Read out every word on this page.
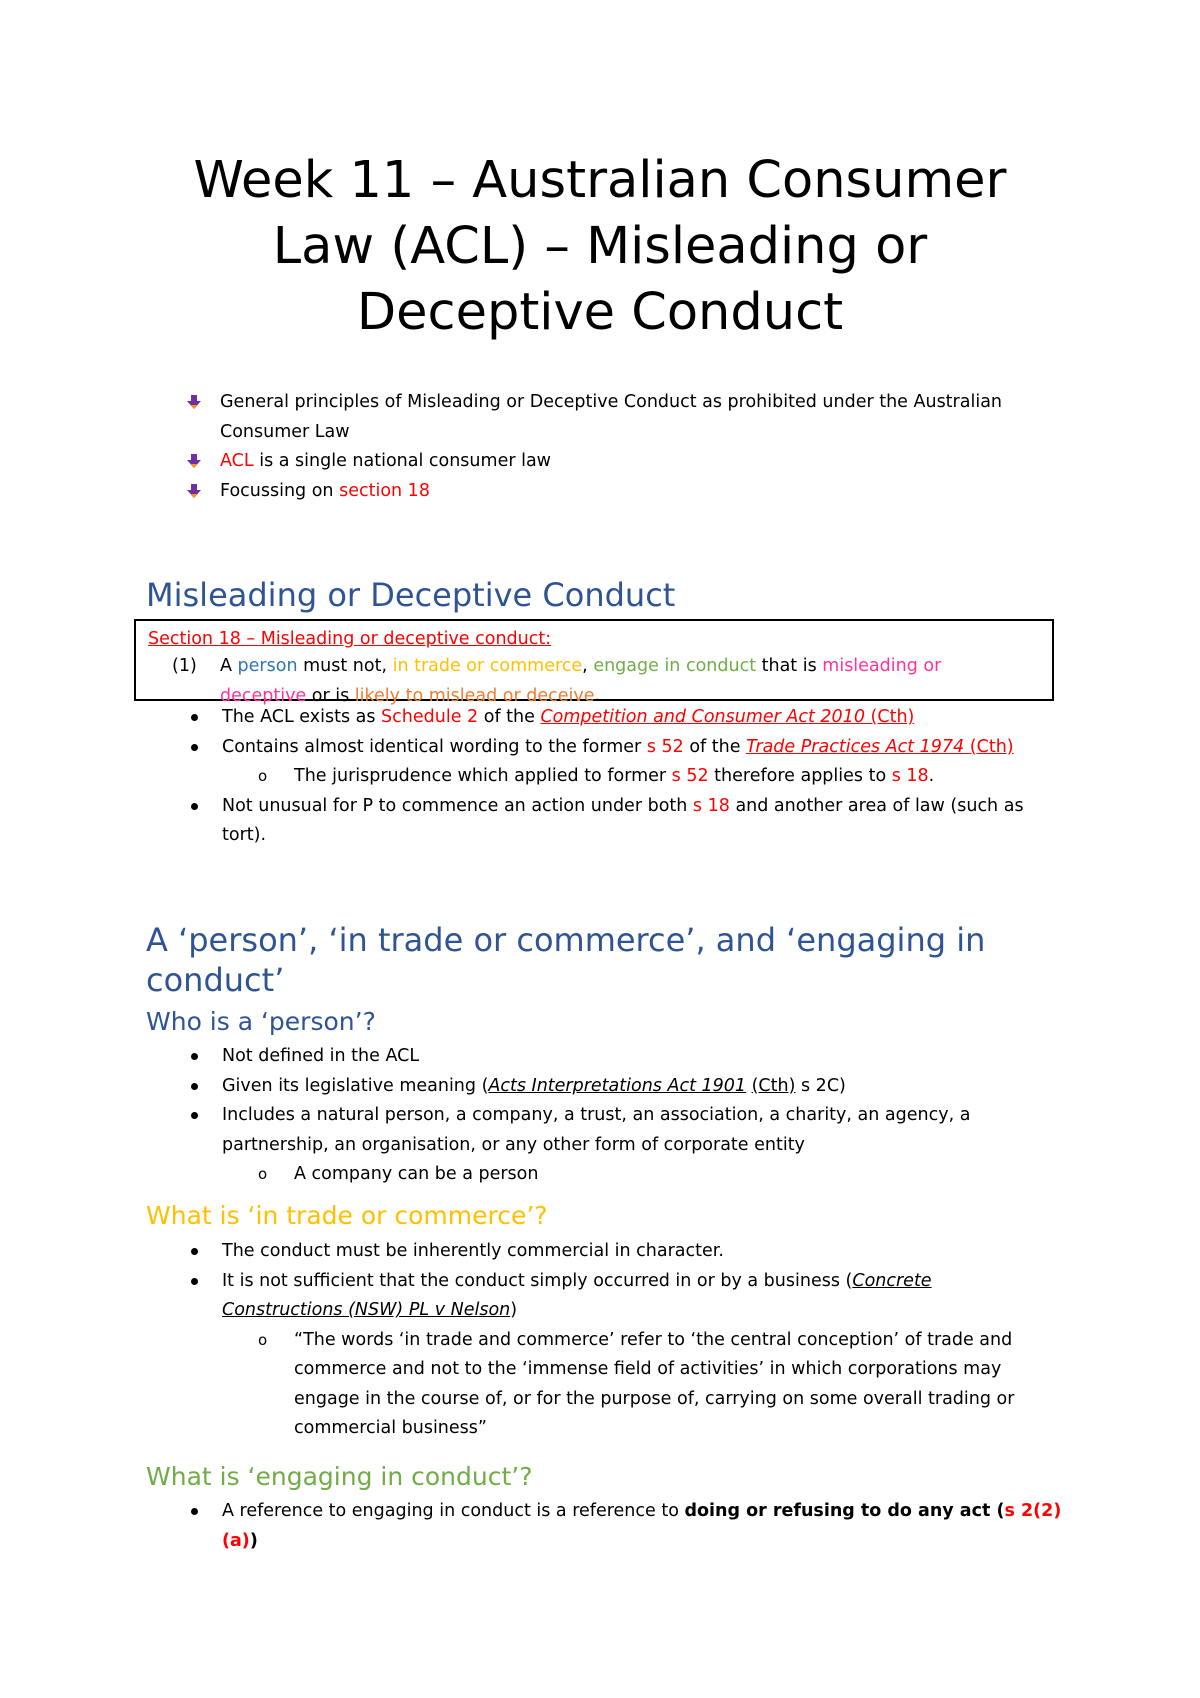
Week 11 – Australian Consumer
Law (ACL) – Misleading or
Deceptive Conduct
General principles of Misleading or Deceptive Conduct as prohibited under the Australian
Consumer Law
ACL is a single national consumer law
Focussing on section 18
Misleading or Deceptive Conduct
Section 18 – Misleading or deceptive conduct:
(1) A person must not, in trade or commerce, engage in conduct that is misleading or
deceptive or is likely to mislead or deceive.
The ACL exists as Schedule 2 of the Competition and Consumer Act 2010 (Cth)
Contains almost identical wording to the former s 52 of the Trade Practices Act 1974 (Cth)
o The jurisprudence which applied to former s 52 therefore applies to s 18.
Not unusual for P to commence an action under both s 18 and another area of law (such as
tort).
A ‘person’, ‘in trade or commerce’, and ‘engaging in
conduct’
Who is a ‘person’?
Not defined in the ACL
Given its legislative meaning (Acts Interpretations Act 1901 (Cth) s 2C)
Includes a natural person, a company, a trust, an association, a charity, an agency, a
partnership, an organisation, or any other form of corporate entity
o A company can be a person
What is ‘in trade or commerce’?
The conduct must be inherently commercial in character.
It is not sufficient that the conduct simply occurred in or by a business (Concrete
Constructions (NSW) PL v Nelson)
o “The words ‘in trade and commerce’ refer to ‘the central conception’ of trade and
commerce and not to the ‘immense field of activities’ in which corporations may
engage in the course of, or for the purpose of, carrying on some overall trading or
commercial business”
What is ‘engaging in conduct’?
A reference to engaging in conduct is a reference to doing or refusing to do any act (s 2(2)
(a))
